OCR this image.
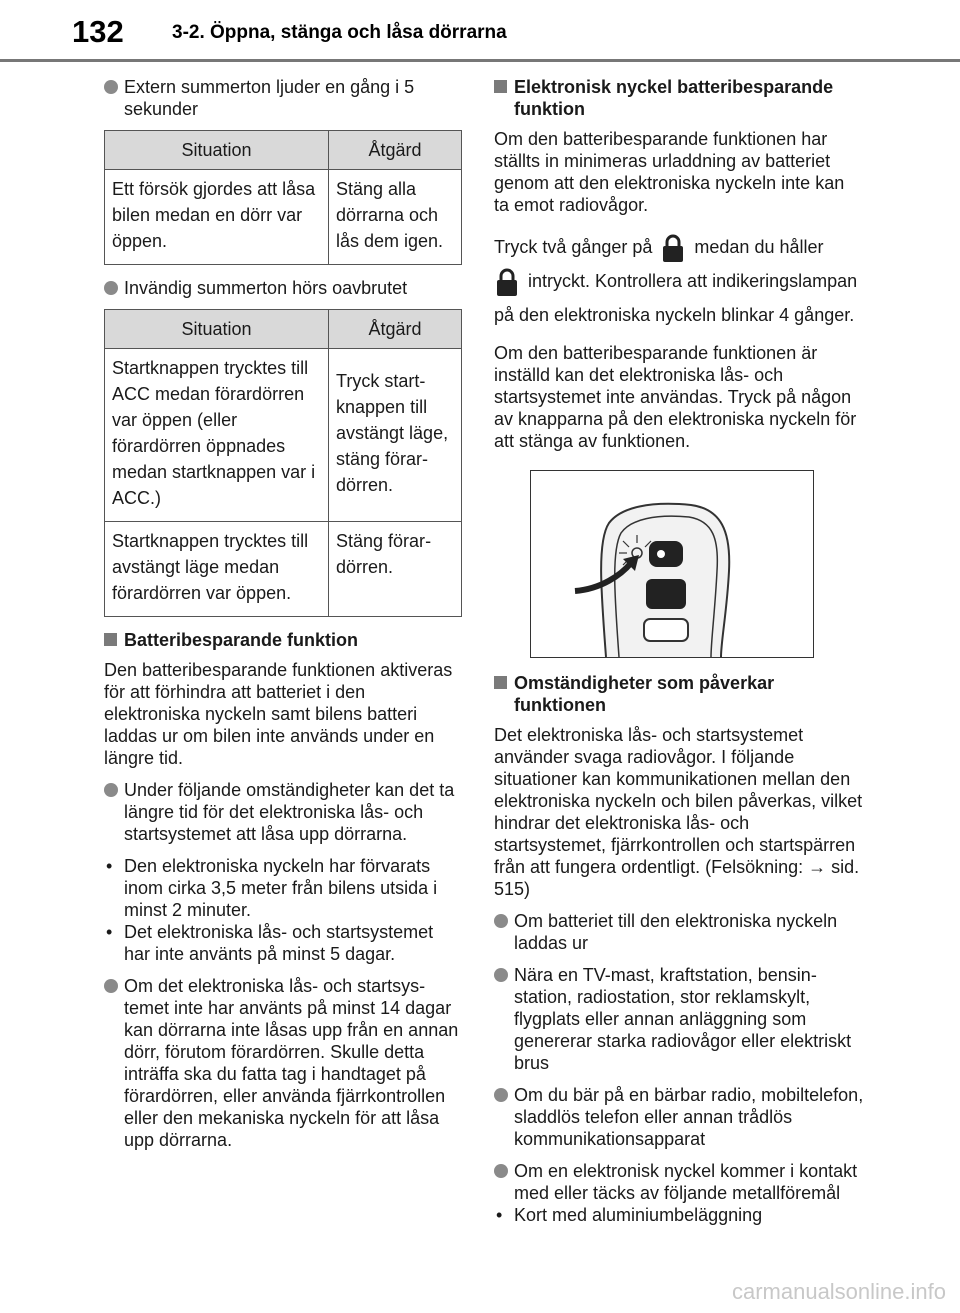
132	3-2. Öppna, stänga och låsa dörrarna
Extern summerton ljuder en gång i 5 sekunder
Situation	Åtgärd
Ett försök gjordes att låsa bilen medan en dörr var öppen.	Stäng alla dörrarna och lås dem igen.
Invändig summerton hörs oavbrutet
Situation	Åtgärd
Startknappen trycktes till ACC medan förardörren var öppen (eller förardörren öppnades medan startknappen var i ACC.)	Tryck startknappen till avstängt läge, stäng förardörren.
Startknappen trycktes till avstängt läge medan förardörren var öppen.	Stäng förardörren.
Batteribesparande funktion

Den batteribesparande funktionen aktiveras för att förhindra att batteriet i den elektroniska nyckeln samt bilens batteri laddas ur om bilen inte används under en längre tid.

Under följande omständigheter kan det ta längre tid för det elektroniska lås- och startsystemet att låsa upp dörrarna.
• Den elektroniska nyckeln har förvarats inom cirka 3,5 meter från bilens utsida i minst 2 minuter.
• Det elektroniska lås- och startsystemet har inte använts på minst 5 dagar.
Om det elektroniska lås- och startsystemet inte har använts på minst 14 dagar kan dörrarna inte låsas upp från en annan dörr, förutom förardörren. Skulle detta inträffa ska du fatta tag i handtaget på förardörren, eller använda fjärrkontrollen eller den mekaniska nyckeln för att låsa upp dörrarna.
Elektronisk nyckel batteribesparande funktion

Om den batteribesparande funktionen har ställts in minimeras urladdning av batteriet genom att den elektroniska nyckeln inte kan ta emot radiovågor.

Tryck två gånger på medan du håller
intryckt. Kontrollera att indikeringslampan på den elektroniska nyckeln blinkar 4 gånger.

Om den batteribesparande funktionen är inställd kan det elektroniska lås- och startsystemet inte användas. Tryck på någon av knapparna på den elektroniska nyckeln för att stänga av funktionen.

Omständigheter som påverkar funktionen

Det elektroniska lås- och startsystemet använder svaga radiovågor. I följande situationer kan kommunikationen mellan den elektroniska nyckeln och bilen påverkas, vilket hindrar det elektroniska lås- och startsystemet, fjärrkontrollen och startspärren från att fungera ordentligt. (Felsökning: → sid. 515)

Om batteriet till den elektroniska nyckeln laddas ur
Nära en TV-mast, kraftstation, bensinstation, radiostation, stor reklamskylt, flygplats eller annan anläggning som genererar starka radiovågor eller elektriskt brus
Om du bär på en bärbar radio, mobiltelefon, sladdlös telefon eller annan trådlös kommunikationsapparat
Om en elektronisk nyckel kommer i kontakt med eller täcks av följande metallföremål
• Kort med aluminiumbeläggning
carmanualsonline.info
